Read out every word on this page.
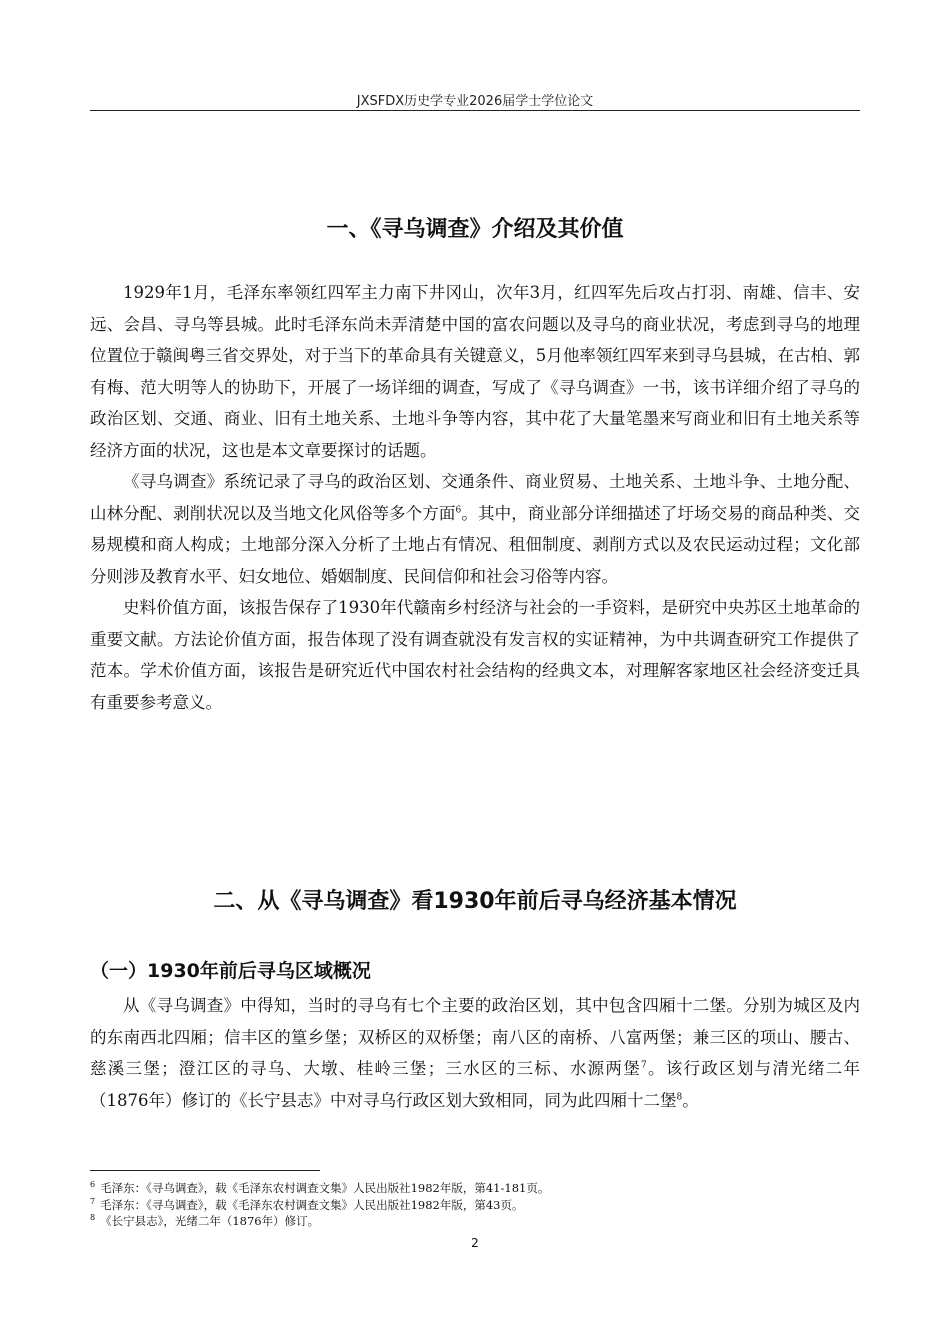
JXSFDX历史学专业2026届学士学位论文
一、《寻乌调查》介绍及其价值

1929年1月，毛泽东率领红四军主力南下井冈山，次年3月，红四军先后攻占打羽、南雄、信丰、安远、会昌、寻乌等县城。此时毛泽东尚未弄清楚中国的富农问题以及寻乌的商业状况，考虑到寻乌的地理位置位于赣闽粤三省交界处，对于当下的革命具有关键意义，5月他率领红四军来到寻乌县城，在古柏、郭有梅、范大明等人的协助下，开展了一场详细的调查，写成了《寻乌调查》一书，该书详细介绍了寻乌的政治区划、交通、商业、旧有土地关系、土地斗争等内容，其中花了大量笔墨来写商业和旧有土地关系等经济方面的状况，这也是本文章要探讨的话题。

《寻乌调查》系统记录了寻乌的政治区划、交通条件、商业贸易、土地关系、土地斗争、土地分配、山林分配、剥削状况以及当地文化风俗等多个方面$^6$。其中，商业部分详细描述了圩场交易的商品种类、交易规模和商人构成；土地部分深入分析了土地占有情况、租佃制度、剥削方式以及农民运动过程；文化部分则涉及教育水平、妇女地位、婚姻制度、民间信仰和社会习俗等内容。

史料价值方面，该报告保存了1930年代赣南乡村经济与社会的一手资料，是研究中央苏区土地革命的重要文献。方法论价值方面，报告体现了没有调查就没有发言权的实证精神，为中共调查研究工作提供了范本。学术价值方面，该报告是研究近代中国农村社会结构的经典文本，对理解客家地区社会经济变迁具有重要参考意义。

二、从《寻乌调查》看1930年前后寻乌经济基本情况
（一）1930年前后寻乌区域概况

从《寻乌调查》中得知，当时的寻乌有七个主要的政治区划，其中包含四厢十二堡。分别为城区及内的东南西北四厢；信丰区的篁乡堡；双桥区的双桥堡；南八区的南桥、八富两堡；兼三区的项山、腰古、慈溪三堡；澄江区的寻乌、大墩、桂岭三堡；三水区的三标、水源两堡$^7$。该行政区划与清光绪二年（1876年）修订的《长宁县志》中对寻乌行政区划大致相同，同为此四厢十二堡$^8$。

$^6$ 毛泽东：《寻乌调查》，载《毛泽东农村调查文集》人民出版社1982年版，第41-181页。
$^7$ 毛泽东：《寻乌调查》，载《毛泽东农村调查文集》人民出版社1982年版，第43页。
$^8$ 《长宁县志》，光绪二年（1876年）修订。
2
